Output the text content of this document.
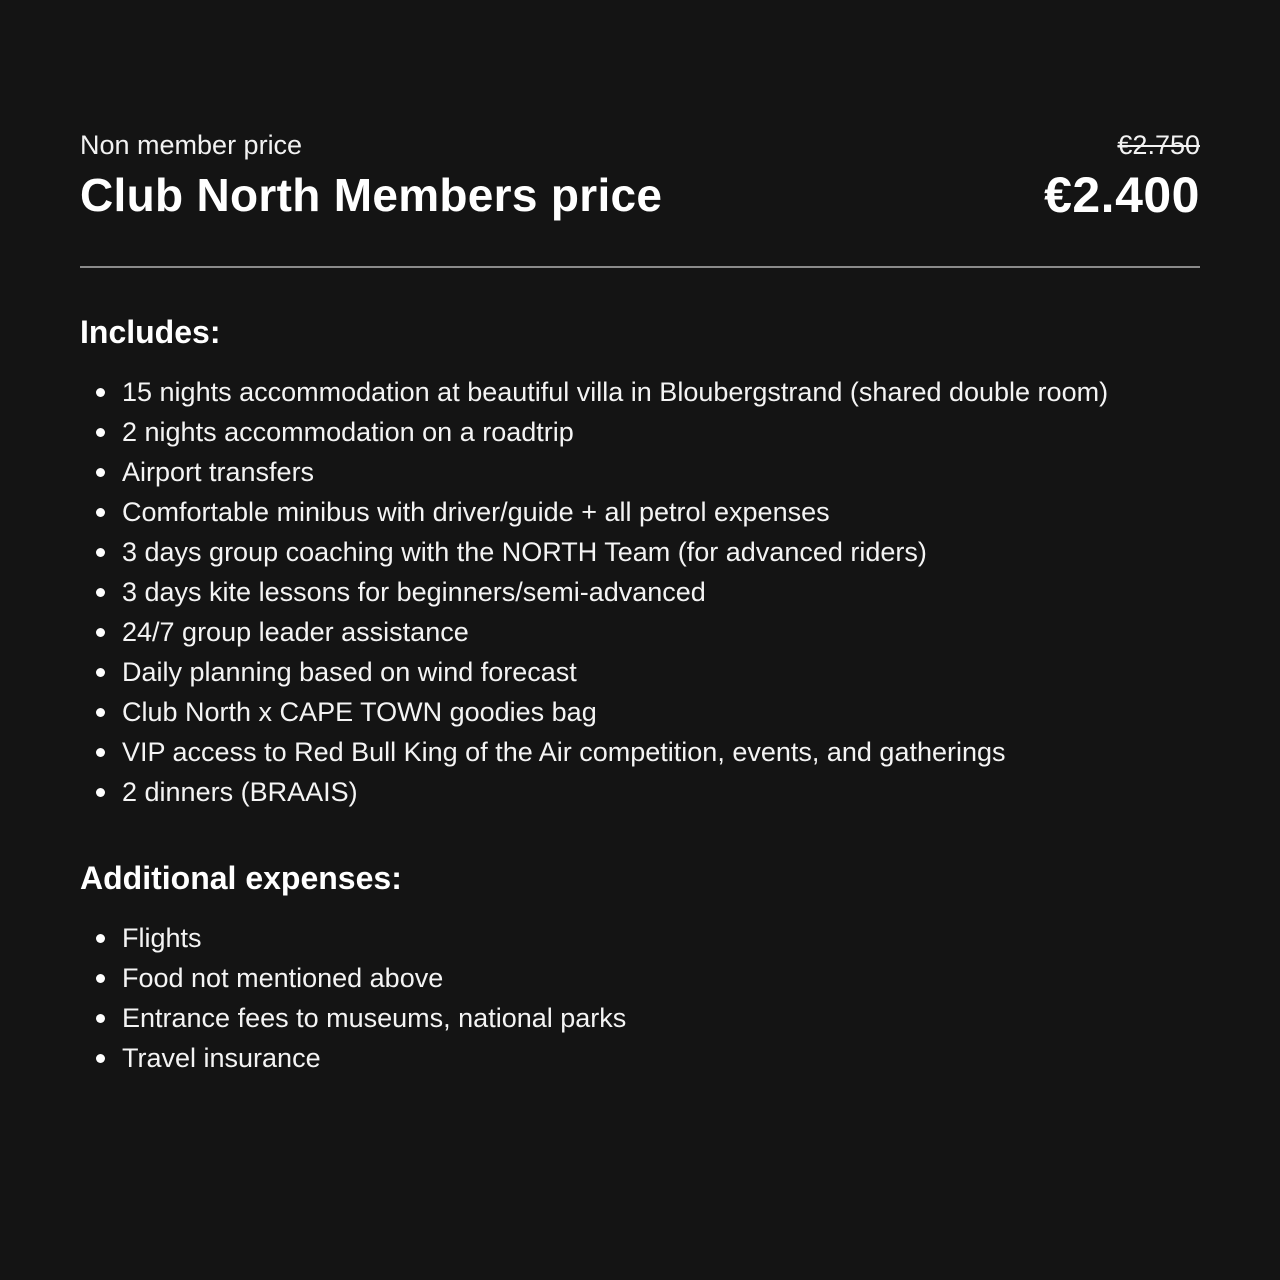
Non member price
Club North Members price
€2.750
€2.400
Includes:
15 nights accommodation at beautiful villa in Bloubergstrand (shared double room)
2 nights accommodation on a roadtrip
Airport transfers
Comfortable minibus with driver/guide + all petrol expenses
3 days group coaching with the NORTH Team (for advanced riders)
3 days kite lessons for beginners/semi-advanced
24/7 group leader assistance
Daily planning based on wind forecast
Club North x CAPE TOWN goodies bag
VIP access to Red Bull King of the Air competition, events, and gatherings
2 dinners (BRAAIS)
Additional expenses:
Flights
Food not mentioned above
Entrance fees to museums, national parks
Travel insurance
